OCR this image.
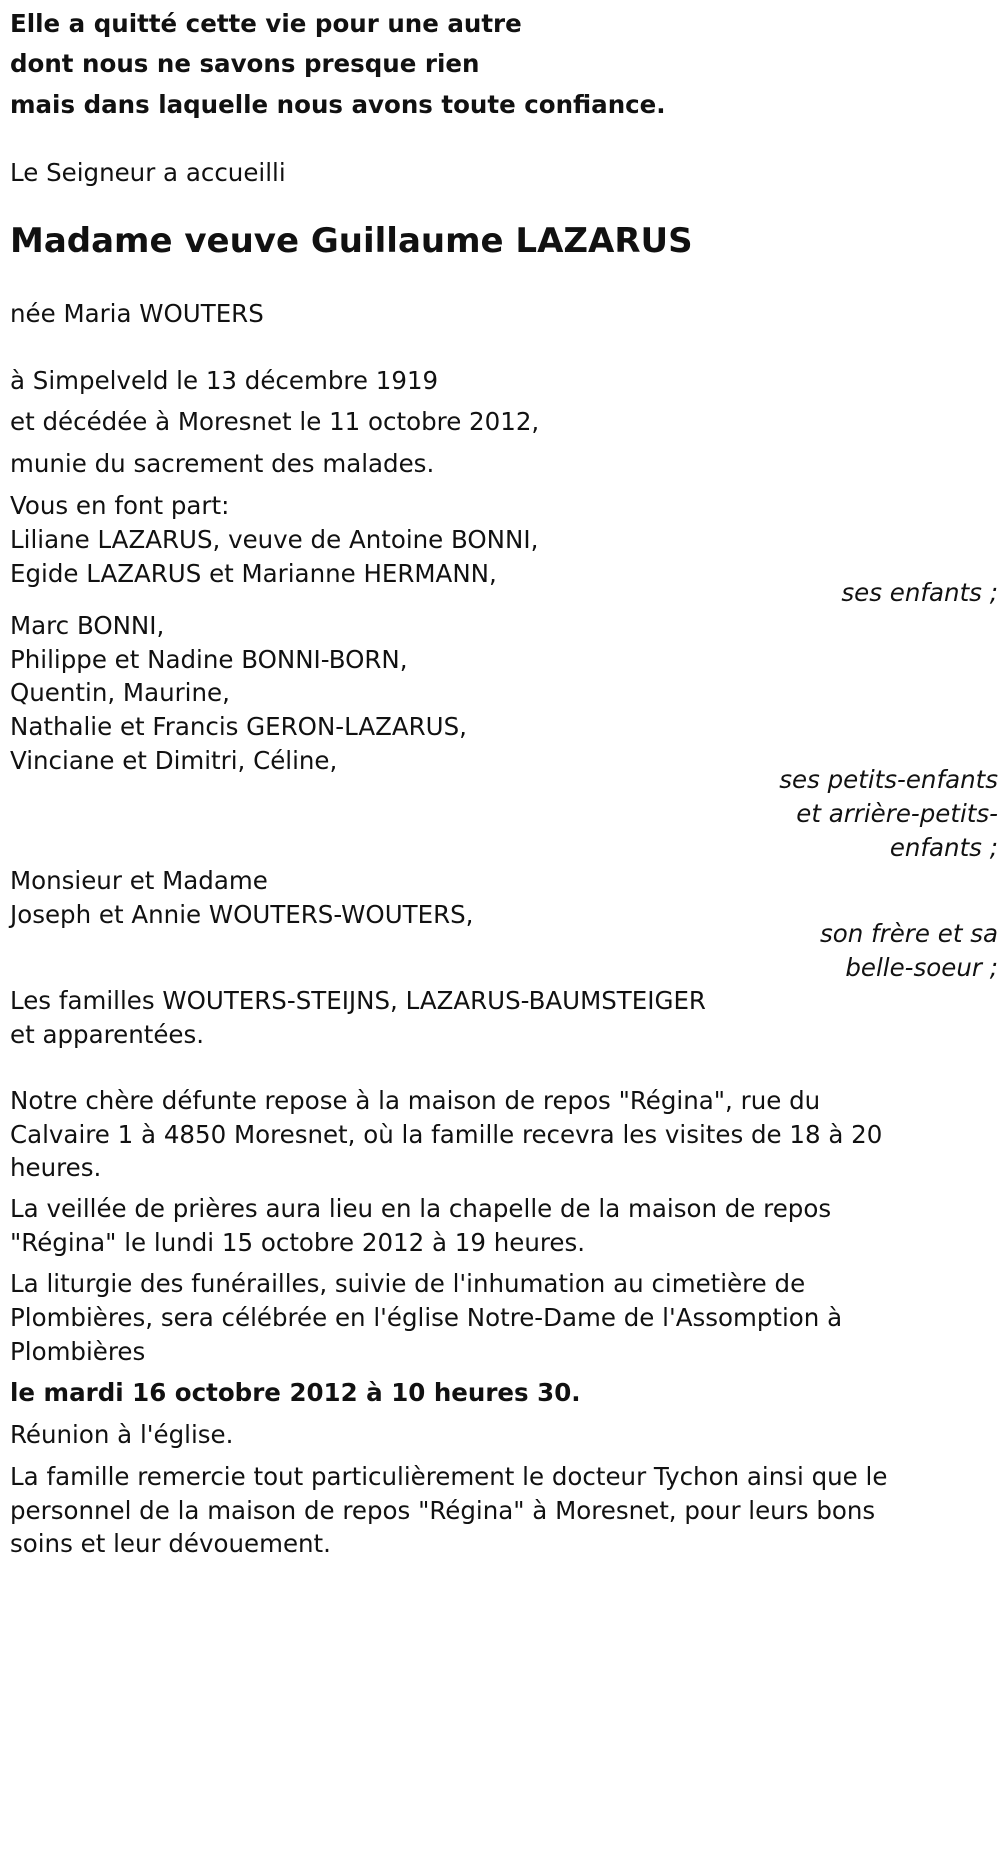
Elle a quitté cette vie pour une autre
dont nous ne savons presque rien
mais dans laquelle nous avons toute confiance.
Le Seigneur a accueilli
Madame veuve Guillaume LAZARUS
née Maria WOUTERS
à Simpelveld le 13 décembre 1919
et décédée à Moresnet le 11 octobre 2012,
munie du sacrement des malades.
Vous en font part:
Liliane LAZARUS, veuve de Antoine BONNI,
Egide LAZARUS et Marianne HERMANN,
ses enfants ;
Marc BONNI,
Philippe et Nadine BONNI-BORN,
Quentin, Maurine,
Nathalie et Francis GERON-LAZARUS,
Vinciane et Dimitri, Céline,
ses petits-enfants
et arrière-petits-
enfants ;
Monsieur et Madame
Joseph et Annie WOUTERS-WOUTERS,
son frère et sa
belle-soeur ;
Les familles WOUTERS-STEIJNS, LAZARUS-BAUMSTEIGER
et apparentées.
Notre chère défunte repose à la maison de repos "Régina", rue du
Calvaire 1 à 4850 Moresnet, où la famille recevra les visites de 18 à 20
heures.
La veillée de prières aura lieu en la chapelle de la maison de repos
"Régina" le lundi 15 octobre 2012 à 19 heures.
La liturgie des funérailles, suivie de l'inhumation au cimetière de
Plombières, sera célébrée en l'église Notre-Dame de l'Assomption à
Plombières
le mardi 16 octobre 2012 à 10 heures 30.
Réunion à l'église.
La famille remercie tout particulièrement le docteur Tychon ainsi que le
personnel de la maison de repos "Régina" à Moresnet, pour leurs bons
soins et leur dévouement.
